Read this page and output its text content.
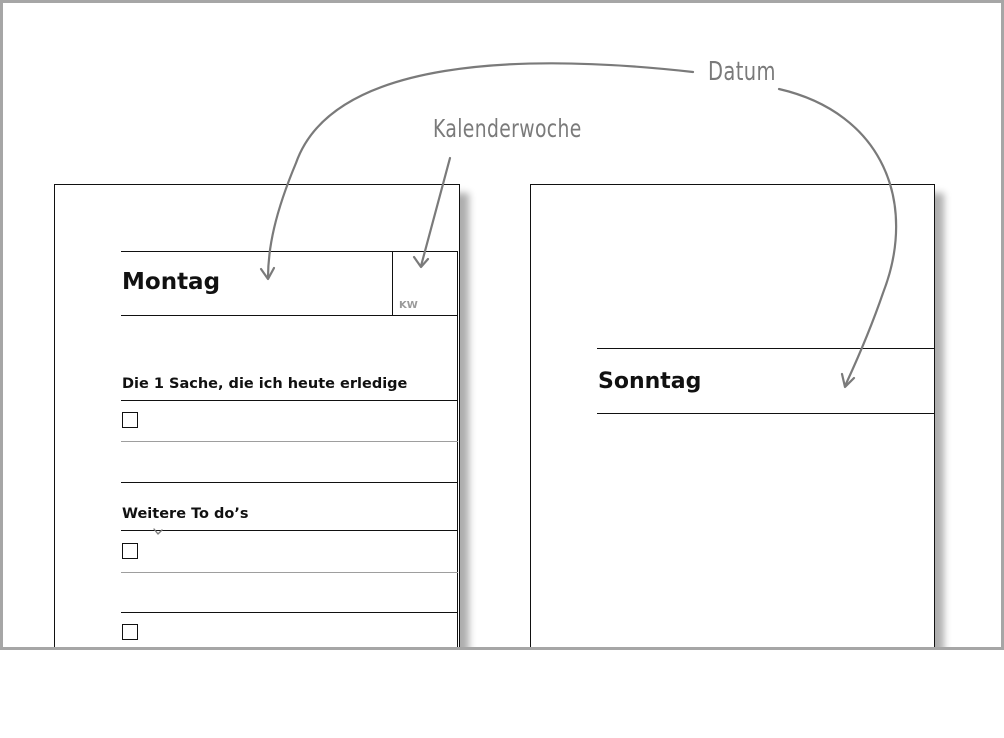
Montag
KW
Die 1 Sache, die ich heute erledige
Weitere To do’s
Sonntag
Datum
Kalenderwoche
